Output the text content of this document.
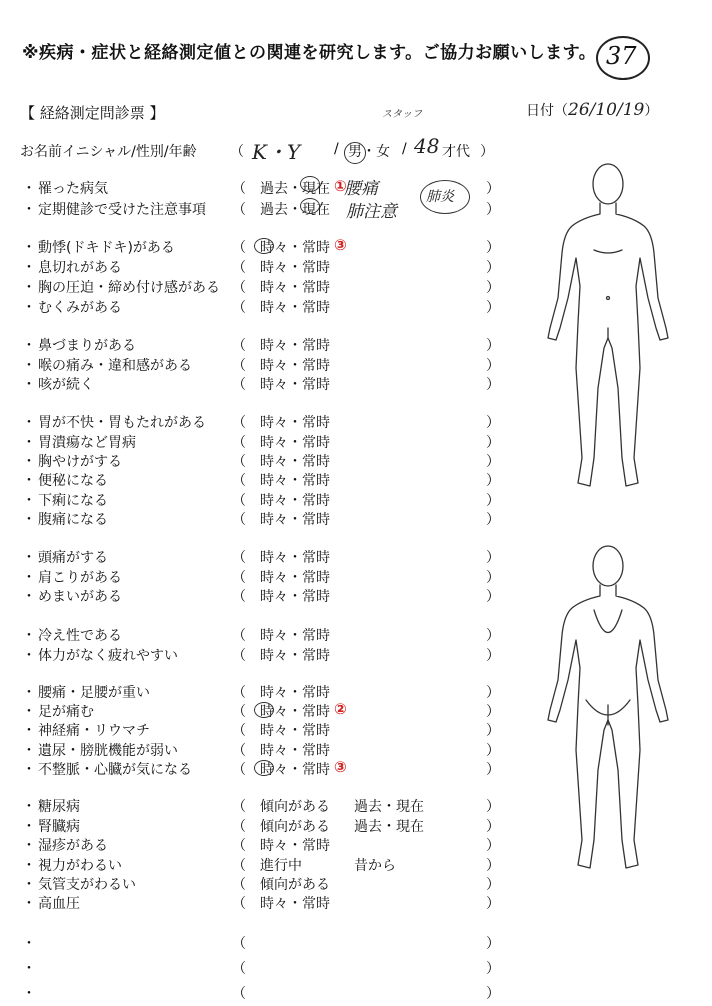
※疾病・症状と経絡測定値との関連を研究します。ご協力お願いします。 37
【 経絡測定問診票 】	スタッフ	日付（26/10/19）
お名前イニシャル/性別/年齢 （ K・Y / 男
・女 / 48 才代 ）
・ 罹った病気	（ 過去・現在 ①	）
・ 定期健診で受けた注意事項 （ 過去・現在	）
・ 動悸(ドキドキ)がある	（ 時々・常時 ③	）
・ 息切れがある	（ 時々・常時	）
・ 胸の圧迫・締め付け感がある （ 時々・常時	）
・ むくみがある	（ 時々・常時	）
・ 鼻づまりがある	（ 時々・常時	）
・ 喉の痛み・違和感がある	（ 時々・常時	）
・ 咳が続く	（ 時々・常時	）
・ 胃が不快・胃もたれがある （ 時々・常時	）
・ 胃潰瘍など胃病	（ 時々・常時	）
・ 胸やけがする	（ 時々・常時	）
・ 便秘になる	（ 時々・常時	）
・ 下痢になる	（ 時々・常時	）
・ 腹痛になる	（ 時々・常時	）
・ 頭痛がする	（ 時々・常時	）
・ 肩こりがある	（ 時々・常時	）
・ めまいがある	（ 時々・常時	）
・ 冷え性である	（ 時々・常時	）
・ 体力がなく疲れやすい	（ 時々・常時	）
・ 腰痛・足腰が重い	（ 時々・常時	）
・ 足が痛む	（ 時々・常時 ②	）
・ 神経痛・リウマチ	（ 時々・常時	）
・ 遺尿・膀胱機能が弱い	（ 時々・常時	）
・ 不整脈・心臓が気になる	（ 時々・常時 ③	）
・ 糖尿病	（ 傾向がある 過去・現在	）
・ 腎臓病	（ 傾向がある 過去・現在	）
・ 湿疹がある	（ 時々・常時	）
・ 視力がわるい	（ 進行中	昔から	）
・ 気管支がわるい	（ 傾向がある	）
・ 高血圧	（ 時々・常時	）
・	（	）
・	（	）
・	（	）
腰痛
肺注意
肺炎
